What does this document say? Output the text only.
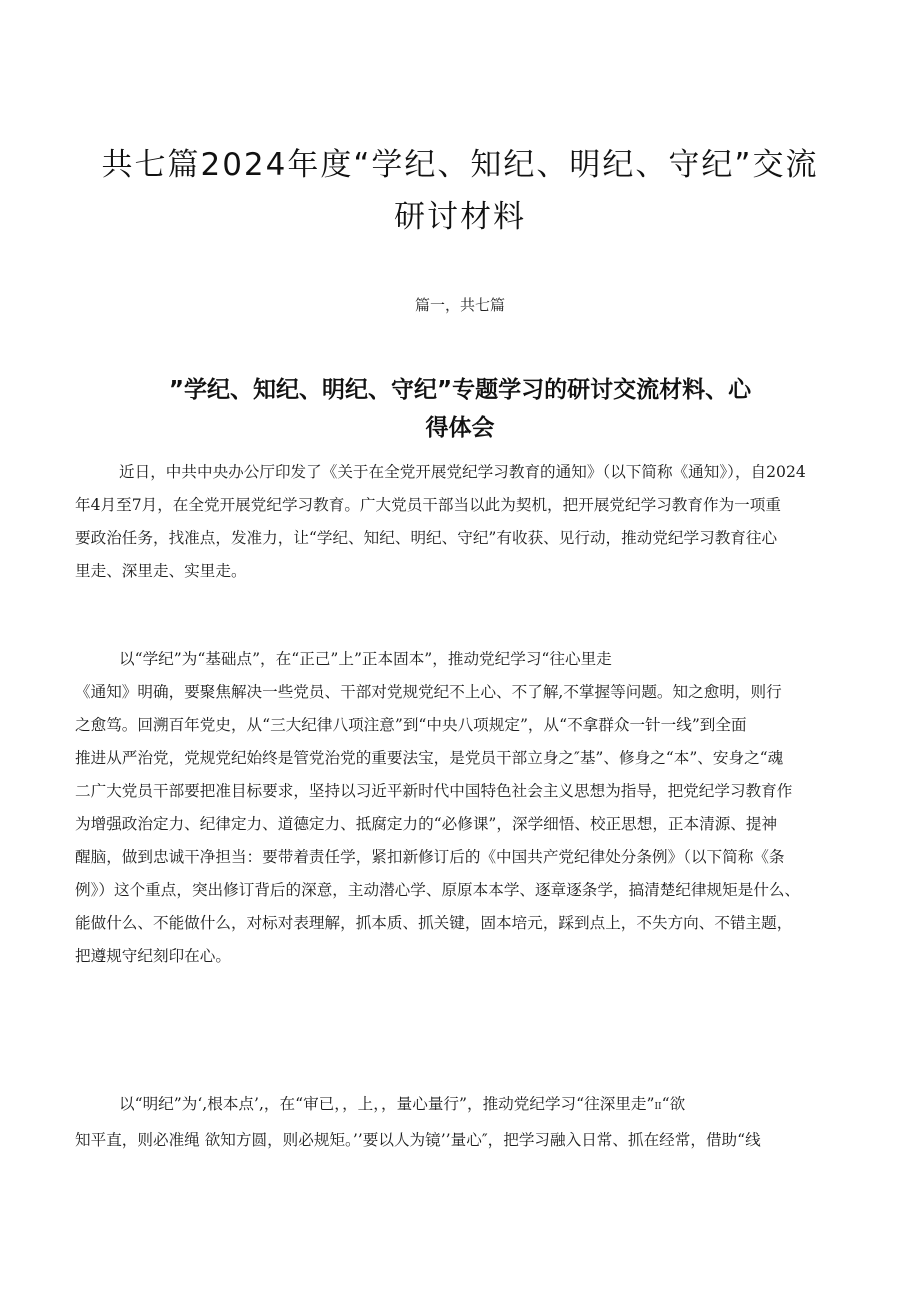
共七篇2024年度“学纪、知纪、明纪、守纪”交流
研讨材料
篇一，共七篇
”学纪、知纪、明纪、守纪”专题学习的研讨交流材料、心
得体会

近日，中共中央办公厅印发了《关于在全党开展党纪学习教育的通知》（以下简称《通知》），自2024
年4月至7月，在全党开展党纪学习教育。广大党员干部当以此为契机，把开展党纪学习教育作为一项重
要政治任务，找准点，发准力，让“学纪、知纪、明纪、守纪”有收获、见行动，推动党纪学习教育往心
里走、深里走、实里走。

以“学纪”为“基础点”，在“正己”上”正本固本”，推动党纪学习“往心里走
《通知》明确，要聚焦解决一些党员、干部对党规党纪不上心、不了解,不掌握等问题。知之愈明，则行
之愈笃。回溯百年党史，从“三大纪律八项注意”到“中央八项规定”，从“不拿群众一针一线”到全面
推进从严治党，党规党纪始终是管党治党的重要法宝，是党员干部立身之″基”、修身之“本”、安身之“魂
二广大党员干部要把准目标要求，坚持以习近平新时代中国特色社会主义思想为指导，把党纪学习教育作
为增强政治定力、纪律定力、道德定力、抵腐定力的“必修课”，深学细悟、校正思想，正本清源、提神
醒脑，做到忠诚干净担当：要带着责任学，紧扣新修订后的《中国共产党纪律处分条例》（以下简称《条
例》）这个重点，突出修订背后的深意，主动潜心学、原原本本学、逐章逐条学，搞清楚纪律规矩是什么、
能做什么、不能做什么，对标对表理解，抓本质、抓关键，固本培元，踩到点上，不失方向、不错主题，
把遵规守纪刻印在心。

以“明纪”为‘,根本点’,，在“审已，，上，，量心量行”，推动党纪学习“往深里走”II“欲
知平直，则必准绳 欲知方圆，则必规矩。’’要以人为镜’’量心″，把学习融入日常、抓在经常，借助“线
